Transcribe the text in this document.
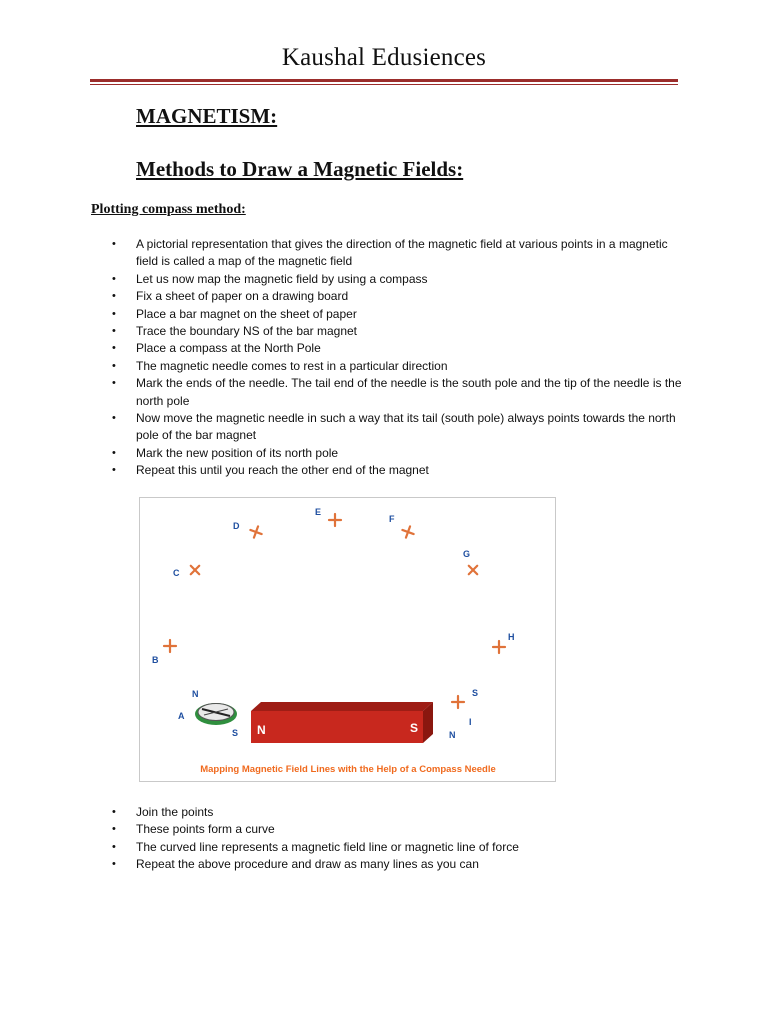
Kaushal Edusiences
MAGNETISM:
Methods to Draw a Magnetic Fields:
Plotting compass method:
• A pictorial representation that gives the direction of the magnetic field at various points in a magnetic field is called a map of the magnetic field
• Let us now map the magnetic field by using a compass
• Fix a sheet of paper on a drawing board
• Place a bar magnet on the sheet of paper
• Trace the boundary NS of the bar magnet
• Place a compass at the North Pole
• The magnetic needle comes to rest in a particular direction
• Mark the ends of the needle. The tail end of the needle is the south pole and the tip of the needle is the north pole
• Now move the magnetic needle in such a way that its tail (south pole) always points towards the north pole of the bar magnet
• Mark the new position of its north pole
• Repeat this until you reach the other end of the magnet
A
B
C
D
E
F
G
H
I
N
S
S
N
N	S
Mapping Magnetic Field Lines with the Help of a Compass Needle
• Join the points
• These points form a curve
• The curved line represents a magnetic field line or magnetic line of force
• Repeat the above procedure and draw as many lines as you can
